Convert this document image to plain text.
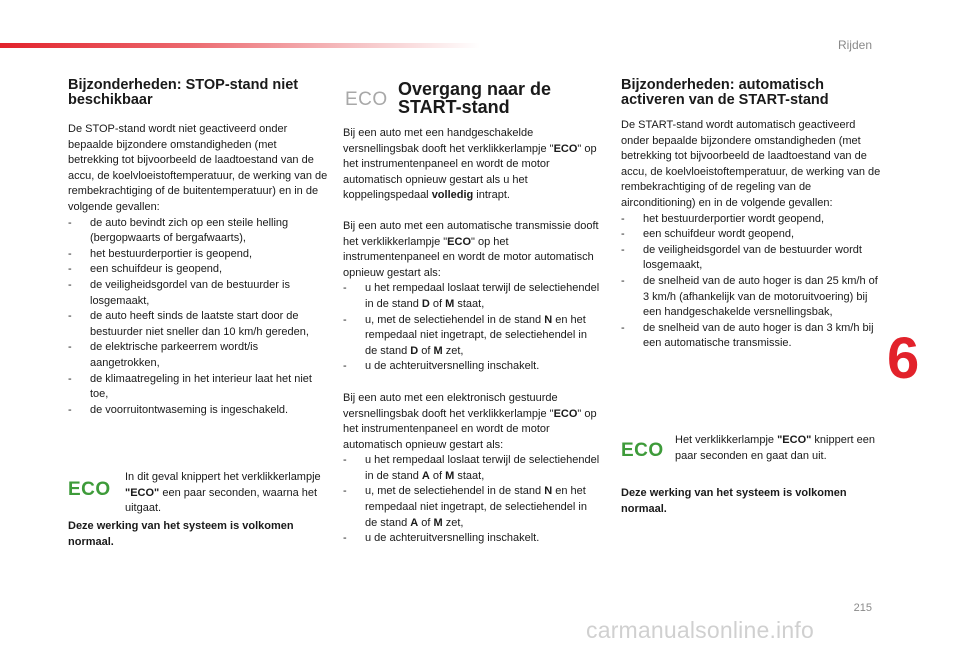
Rijden
Bijzonderheden: STOP-stand niet beschikbaar

De STOP-stand wordt niet geactiveerd onder bepaalde bijzondere omstandigheden (met betrekking tot bijvoorbeeld de laadtoestand van de accu, de koelvloeistoftemperatuur, de werking van de rembekrachtiging of de buitentemperatuur) en in de volgende gevallen:

- de auto bevindt zich op een steile helling (bergopwaarts of bergafwaarts),
- het bestuurderportier is geopend,
- een schuifdeur is geopend,
- de veiligheidsgordel van de bestuurder is losgemaakt,
- de auto heeft sinds de laatste start door de bestuurder niet sneller dan 10 km/h gereden,
- de elektrische parkeerrem wordt/is aangetrokken,
- de klimaatregeling in het interieur laat het niet toe,
- de voorruitontwaseming is ingeschakeld.
ECO
In dit geval knippert het verklikkerlampje "ECO" een paar seconden, waarna het uitgaat.
Deze werking van het systeem is volkomen normaal.
ECO Overgang naar de START-stand

Bij een auto met een handgeschakelde versnellingsbak dooft het verklikkerlampje "ECO" op het instrumentenpaneel en wordt de motor automatisch opnieuw gestart als u het koppelingspedaal volledig intrapt.

Bij een auto met een automatische transmissie dooft het verklikkerlampje "ECO" op het instrumentenpaneel en wordt de motor automatisch opnieuw gestart als:

- u het rempedaal loslaat terwijl de selectiehendel in de stand D of M staat,
- u, met de selectiehendel in de stand N en het rempedaal niet ingetrapt, de selectiehendel in de stand D of M zet,
- u de achteruitversnelling inschakelt.

Bij een auto met een elektronisch gestuurde versnellingsbak dooft het verklikkerlampje "ECO" op het instrumentenpaneel en wordt de motor automatisch opnieuw gestart als:

- u het rempedaal loslaat terwijl de selectiehendel in de stand A of M staat,
- u, met de selectiehendel in de stand N en het rempedaal niet ingetrapt, de selectiehendel in de stand A of M zet,
- u de achteruitversnelling inschakelt.
Bijzonderheden: automatisch activeren van de START-stand

De START-stand wordt automatisch geactiveerd onder bepaalde bijzondere omstandigheden (met betrekking tot bijvoorbeeld de laadtoestand van de accu, de koelvloeistoftemperatuur, de werking van de rembekrachtiging of de regeling van de airconditioning) en in de volgende gevallen:

- het bestuurderportier wordt geopend,
- een schuifdeur wordt geopend,
- de veiligheidsgordel van de bestuurder wordt losgemaakt,
- de snelheid van de auto hoger is dan 25 km/h of 3 km/h (afhankelijk van de motoruitvoering) bij een handgeschakelde versnellingsbak,
- de snelheid van de auto hoger is dan 3 km/h bij een automatische transmissie.
ECO Het verklikkerlampje "ECO" knippert een paar seconden en gaat dan uit.
Deze werking van het systeem is volkomen normaal.
6
215
carmanualsonline.info
